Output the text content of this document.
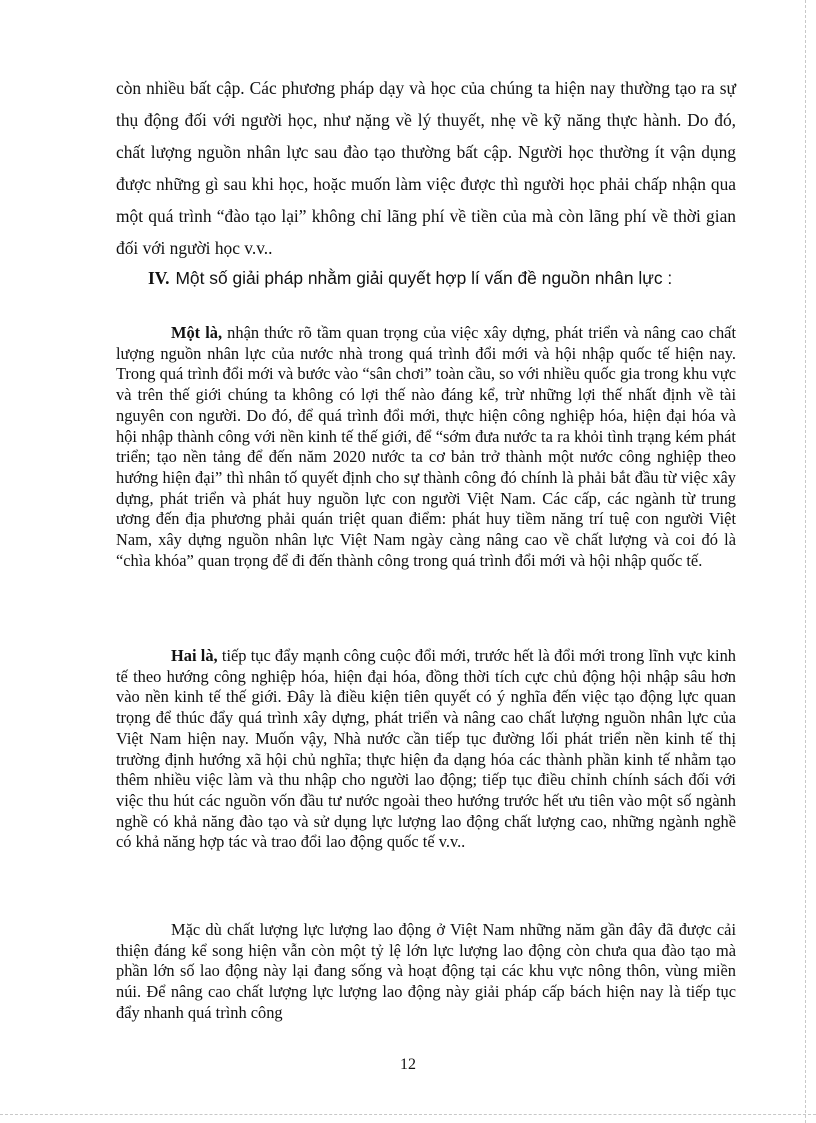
còn nhiều bất cập. Các phương pháp dạy và học của chúng ta hiện nay thường tạo ra sự thụ động đối với người học, như nặng về lý thuyết, nhẹ về kỹ năng thực hành. Do đó, chất lượng nguồn nhân lực sau đào tạo thường bất cập. Người học thường ít vận dụng được những gì sau khi học, hoặc muốn làm việc được thì người học phải chấp nhận qua một quá trình “đào tạo lại” không chỉ lãng phí về tiền của mà còn lãng phí về thời gian đối với người học v.v..

IV. Một số giải pháp nhằm giải quyết hợp lí vấn đề nguồn nhân lực :

Một là, nhận thức rõ tầm quan trọng của việc xây dựng, phát triển và nâng cao chất lượng nguồn nhân lực của nước nhà trong quá trình đổi mới và hội nhập quốc tế hiện nay. Trong quá trình đổi mới và bước vào “sân chơi” toàn cầu, so với nhiều quốc gia trong khu vực và trên thế giới chúng ta không có lợi thế nào đáng kể, trừ những lợi thế nhất định về tài nguyên con người. Do đó, để quá trình đổi mới, thực hiện công nghiệp hóa, hiện đại hóa và hội nhập thành công với nền kinh tế thế giới, để “sớm đưa nước ta ra khỏi tình trạng kém phát triển; tạo nền tảng để đến năm 2020 nước ta cơ bản trở thành một nước công nghiệp theo hướng hiện đại” thì nhân tố quyết định cho sự thành công đó chính là phải bắt đầu từ việc xây dựng, phát triển và phát huy nguồn lực con người Việt Nam. Các cấp, các ngành từ trung ương đến địa phương phải quán triệt quan điểm: phát huy tiềm năng trí tuệ con người Việt Nam, xây dựng nguồn nhân lực Việt Nam ngày càng nâng cao về chất lượng và coi đó là “chìa khóa” quan trọng để đi đến thành công trong quá trình đổi mới và hội nhập quốc tế.

Hai là, tiếp tục đẩy mạnh công cuộc đổi mới, trước hết là đổi mới trong lĩnh vực kinh tế theo hướng công nghiệp hóa, hiện đại hóa, đồng thời tích cực chủ động hội nhập sâu hơn vào nền kinh tế thế giới. Đây là điều kiện tiên quyết có ý nghĩa đến việc tạo động lực quan trọng để thúc đẩy quá trình xây dựng, phát triển và nâng cao chất lượng nguồn nhân lực của Việt Nam hiện nay. Muốn vậy, Nhà nước cần tiếp tục đường lối phát triển nền kinh tế thị trường định hướng xã hội chủ nghĩa; thực hiện đa dạng hóa các thành phần kinh tế nhằm tạo thêm nhiều việc làm và thu nhập cho người lao động; tiếp tục điều chỉnh chính sách đối với việc thu hút các nguồn vốn đầu tư nước ngoài theo hướng trước hết ưu tiên vào một số ngành nghề có khả năng đào tạo và sử dụng lực lượng lao động chất lượng cao, những ngành nghề có khả năng hợp tác và trao đổi lao động quốc tế v.v..

Mặc dù chất lượng lực lượng lao động ở Việt Nam những năm gần đây đã được cải thiện đáng kể song hiện vẫn còn một tỷ lệ lớn lực lượng lao động còn chưa qua đào tạo mà phần lớn số lao động này lại đang sống và hoạt động tại các khu vực nông thôn, vùng miền núi. Để nâng cao chất lượng lực lượng lao động này giải pháp cấp bách hiện nay là tiếp tục đẩy nhanh quá trình công

12
